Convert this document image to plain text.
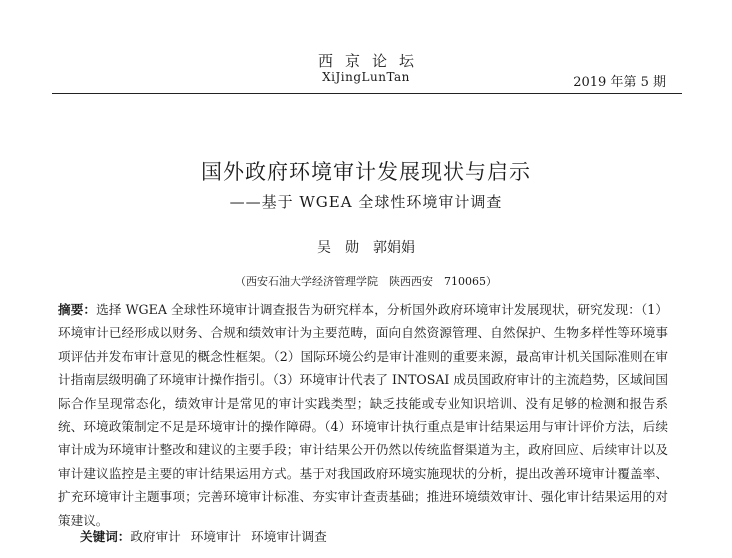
西京论坛
XiJingLunTan	2019 年第 5 期
国外政府环境审计发展现状与启示
——基于 WGEA 全球性环境审计调查
吴　勋　郭娟娟
（西安石油大学经济管理学院　陕西西安　710065）

摘要：选择 WGEA 全球性环境审计调查报告为研究样本，分析国外政府环境审计发展现状，研究发现：（1）环境审计已经形成以财务、合规和绩效审计为主要范畴，面向自然资源管理、自然保护、生物多样性等环境事项评估并发布审计意见的概念性框架。（2）国际环境公约是审计准则的重要来源，最高审计机关国际准则在审计指南层级明确了环境审计操作指引。（3）环境审计代表了 INTOSAI 成员国政府审计的主流趋势，区域间国际合作呈现常态化，绩效审计是常见的审计实践类型；缺乏技能或专业知识培训、没有足够的检测和报告系统、环境政策制定不足是环境审计的操作障碍。（4）环境审计执行重点是审计结果运用与审计评价方法，后续审计成为环境审计整改和建议的主要手段；审计结果公开仍然以传统监督渠道为主，政府回应、后续审计以及审计建议监控是主要的审计结果运用方式。基于对我国政府环境实施现状的分析，提出改善环境审计覆盖率、扩充环境审计主题事项；完善环境审计标准、夯实审计查责基础；推进环境绩效审计、强化审计结果运用的对策建议。

关键词：政府审计 环境审计 环境审计调查
